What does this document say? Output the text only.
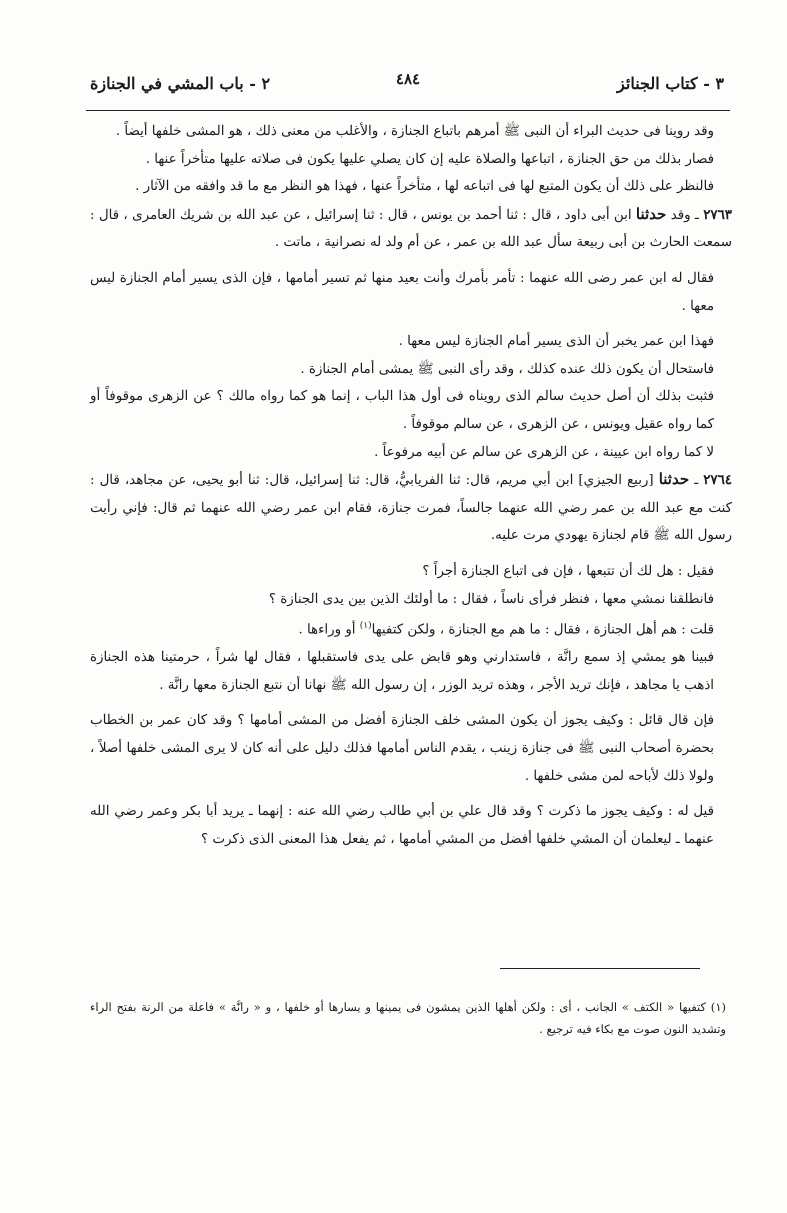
٣ - كتاب الجنائز
٤٨٤
٢ - باب المشي في الجنازة

وقد روينا فى حديث البراء أن النبى ﷺ أمرهم باتباع الجنازة ، والأغلب من معنى ذلك ، هو المشى خلفها أيضاً .

فصار بذلك من حق الجنازة ، اتباعها والصلاة عليه إن كان يصلي عليها يكون فى صلاته عليها متأخراً عنها .

فالنظر على ذلك أن يكون المتبع لها فى اتباعه لها ، متأخراً عنها ، فهذا هو النظر مع ما قد وافقه من الآثار .

٢٧٦٣ ـ وقد حدثنا ابن أبى داود ، قال : ثنا أحمد بن يونس ، قال : ثنا إسرائيل ، عن عبد الله بن شريك العامرى ، قال : سمعت الحارث بن أبى ربيعة سأل عبد الله بن عمر ، عن أم ولد له نصرانية ، ماتت .

فقال له ابن عمر رضى الله عنهما : تأمر بأمرك وأنت بعيد منها ثم تسير أمامها ، فإن الذى يسير أمام الجنازة ليس معها .

فهذا ابن عمر يخبر أن الذى يسير أمام الجنازة ليس معها .

فاستحال أن يكون ذلك عنده كذلك ، وقد رأى النبى ﷺ يمشى أمام الجنازة .

فثبت بذلك أن أصل حديث سالم الذى رويناه فى أول هذا الباب ، إنما هو كما رواه مالك ؟ عن الزهرى موقوفاً أو كما رواه عقيل ويونس ، عن الزهرى ، عن سالم موقوفاً .

لا كما رواه ابن عيينة ، عن الزهرى عن سالم عن أبيه مرفوعاً .

٢٧٦٤ ـ حدثنا [ربيع الجيزي] ابن أبي مريم، قال: ثنا الفريابيُّ، قال: ثنا إسرائيل، قال: ثنا أبو يحيى، عن مجاهد، قال : كنت مع عبد الله بن عمر رضي الله عنهما جالساً، فمرت جنازة، فقام ابن عمر رضي الله عنهما ثم قال: فإني رأيت رسول الله ﷺ قام لجنازة يهودي مرت عليه.

فقيل : هل لك أن تتبعها ، فإن فى اتباع الجنازة أجراً ؟

فانطلقنا نمشي معها ، فنظر فرأى ناساً ، فقال : ما أولئك الذين بين يدى الجنازة ؟

قلت : هم أهل الجنازة ، فقال : ما هم مع الجنازة ، ولكن كتفيها$^{(١)}$ أو وراءها .

فبينا هو يمشي إذ سمع رانَّة ، فاستدارني وهو قابض على يدى فاستقبلها ، فقال لها شراً ، حرمتينا هذه الجنازة اذهب يا مجاهد ، فإنك تريد الأجر ، وهذه تريد الوزر ، إن رسول الله ﷺ نهانا أن نتبع الجنازة معها رانَّة .

فإن قال قائل : وكيف يجوز أن يكون المشى خلف الجنازة أفضل من المشى أمامها ؟ وقد كان عمر بن الخطاب بحضرة أصحاب النبى ﷺ فى جنازة زينب ، يقدم الناس أمامها فذلك دليل على أنه كان لا يرى المشى خلفها أصلاً ، ولولا ذلك لأباحه لمن مشى خلفها .

قيل له : وكيف يجوز ما ذكرت ؟ وقد قال علي بن أبي طالب رضي الله عنه : إنهما ـ يريد أبا بكر وعمر رضي الله عنهما ـ ليعلمان أن المشي خلفها أفضل من المشي أمامها ، ثم يفعل هذا المعنى الذى ذكرت ؟

(١) كتفيها « الكتف » الجانب ، أى : ولكن أهلها الذين يمشون فى يمينها و يسارها أو خلفها ، و « رانَّة » فاعلة من الرنة بفتح الراء وتشديد النون صوت مع بكاء فيه ترجيع .
